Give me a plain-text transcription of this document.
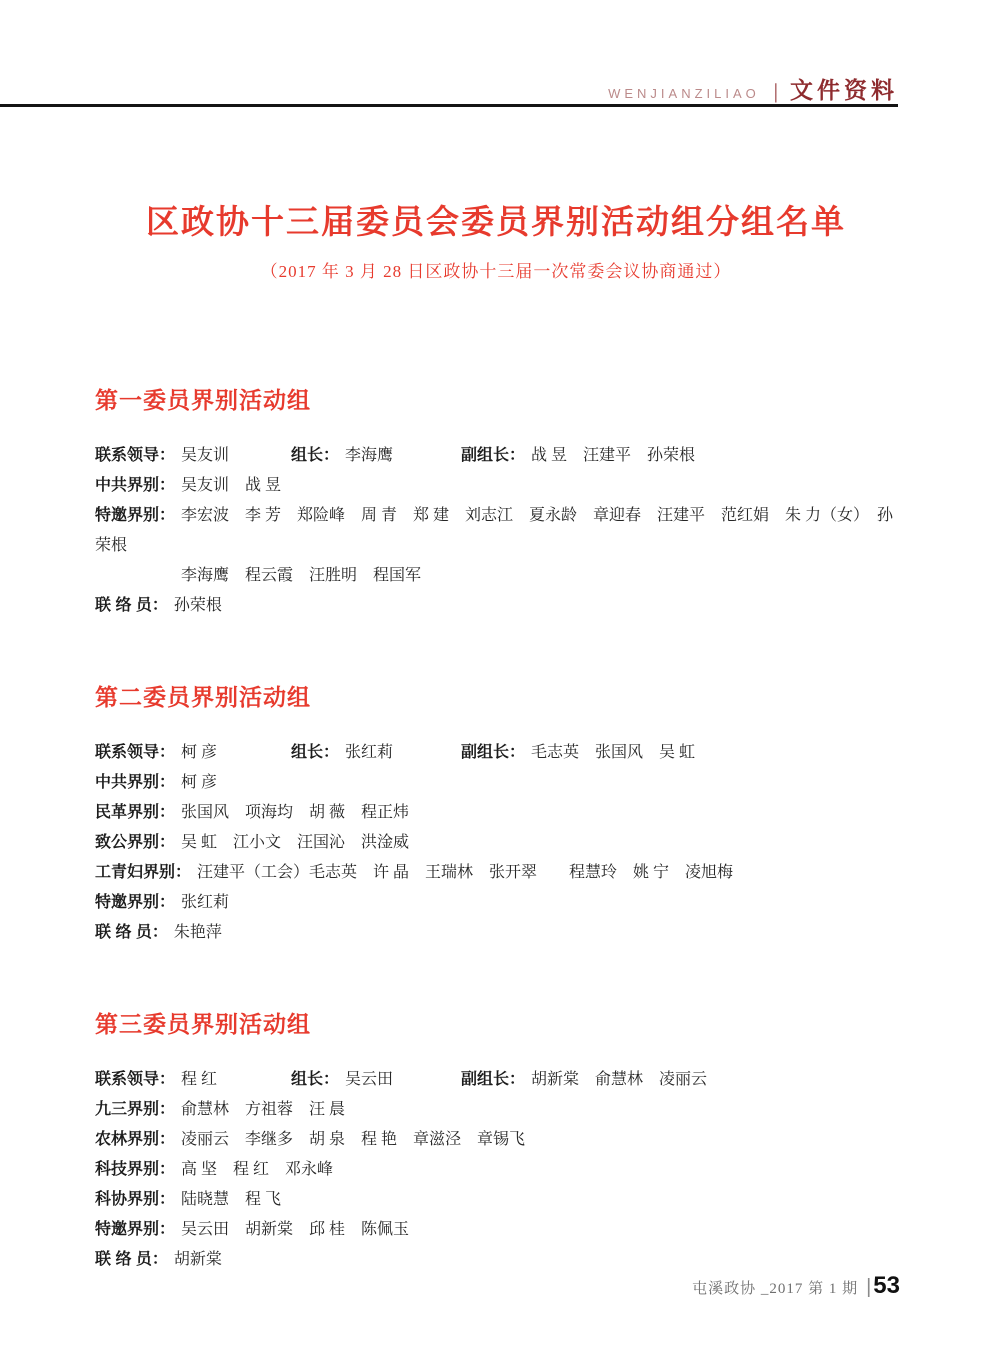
WENJIANZILIAO | 文件资料
区政协十三届委员会委员界别活动组分组名单

（2017 年 3 月 28 日区政协十三届一次常委会议协商通过）

第一委员界别活动组
联系领导： 吴友训	组长： 李海鹰	副组长： 战 昱　汪建平　孙荣根
中共界别： 吴友训　战 昱
特邀界别： 李宏波　李 芳　郑险峰　周 青　郑 建　刘志江　夏永龄　章迎春　汪建平　范红娟　朱 力（女）　孙荣根
李海鹰　程云霞　汪胜明　程国军
联 络 员： 孙荣根
第二委员界别活动组
联系领导： 柯 彦	组长： 张红莉	副组长： 毛志英　张国风　吴 虹
中共界别： 柯 彦
民革界别： 张国风　项海均　胡 薇　程正炜
致公界别： 吴 虹　江小文　汪国沁　洪淦威
工青妇界别： 汪建平（工会）毛志英　许 晶　王瑞林　张开翠　　程慧玲　姚 宁　凌旭梅
特邀界别： 张红莉
联 络 员： 朱艳萍
第三委员界别活动组
联系领导： 程 红	组长： 吴云田	副组长： 胡新棠　俞慧林　凌丽云
九三界别： 俞慧林　方祖蓉　汪 晨
农林界别： 凌丽云　李继多　胡 泉　程 艳　章滋泾　章锡飞
科技界别： 高 坚　程 红　邓永峰
科协界别： 陆晓慧　程 飞
特邀界别： 吴云田　胡新棠　邱 桂　陈佩玉
联 络 员： 胡新棠
屯溪政协 _2017 第 1 期 | 53
